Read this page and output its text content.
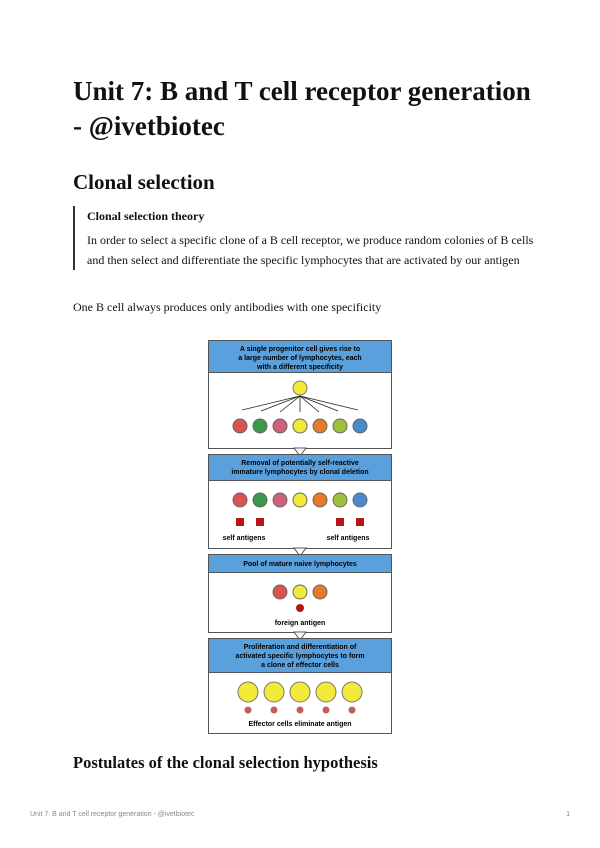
Unit 7: B and T cell receptor generation - @ivetbiotec
Clonal selection

Clonal selection theory

In order to select a specific clone of a B cell receptor, we produce random colonies of B cells and then select and differentiate the specific lymphocytes that are activated by our antigen

One B cell always produces only antibodies with one specificity

A single progenitor cell gives rise to
a large number of lymphocytes, each
with a different specificity
Removal of potentially self-reactive
immature lymphocytes by clonal deletion
self antigens	self antigens
Pool of mature naive lymphocytes
foreign antigen
Proliferation and differentiation of
activated specific lymphocytes to form
a clone of effector cells
Effector cells eliminate antigen
Postulates of the clonal selection hypothesis
Unit 7: B and T cell receptor generation - @ivetbiotec	1
